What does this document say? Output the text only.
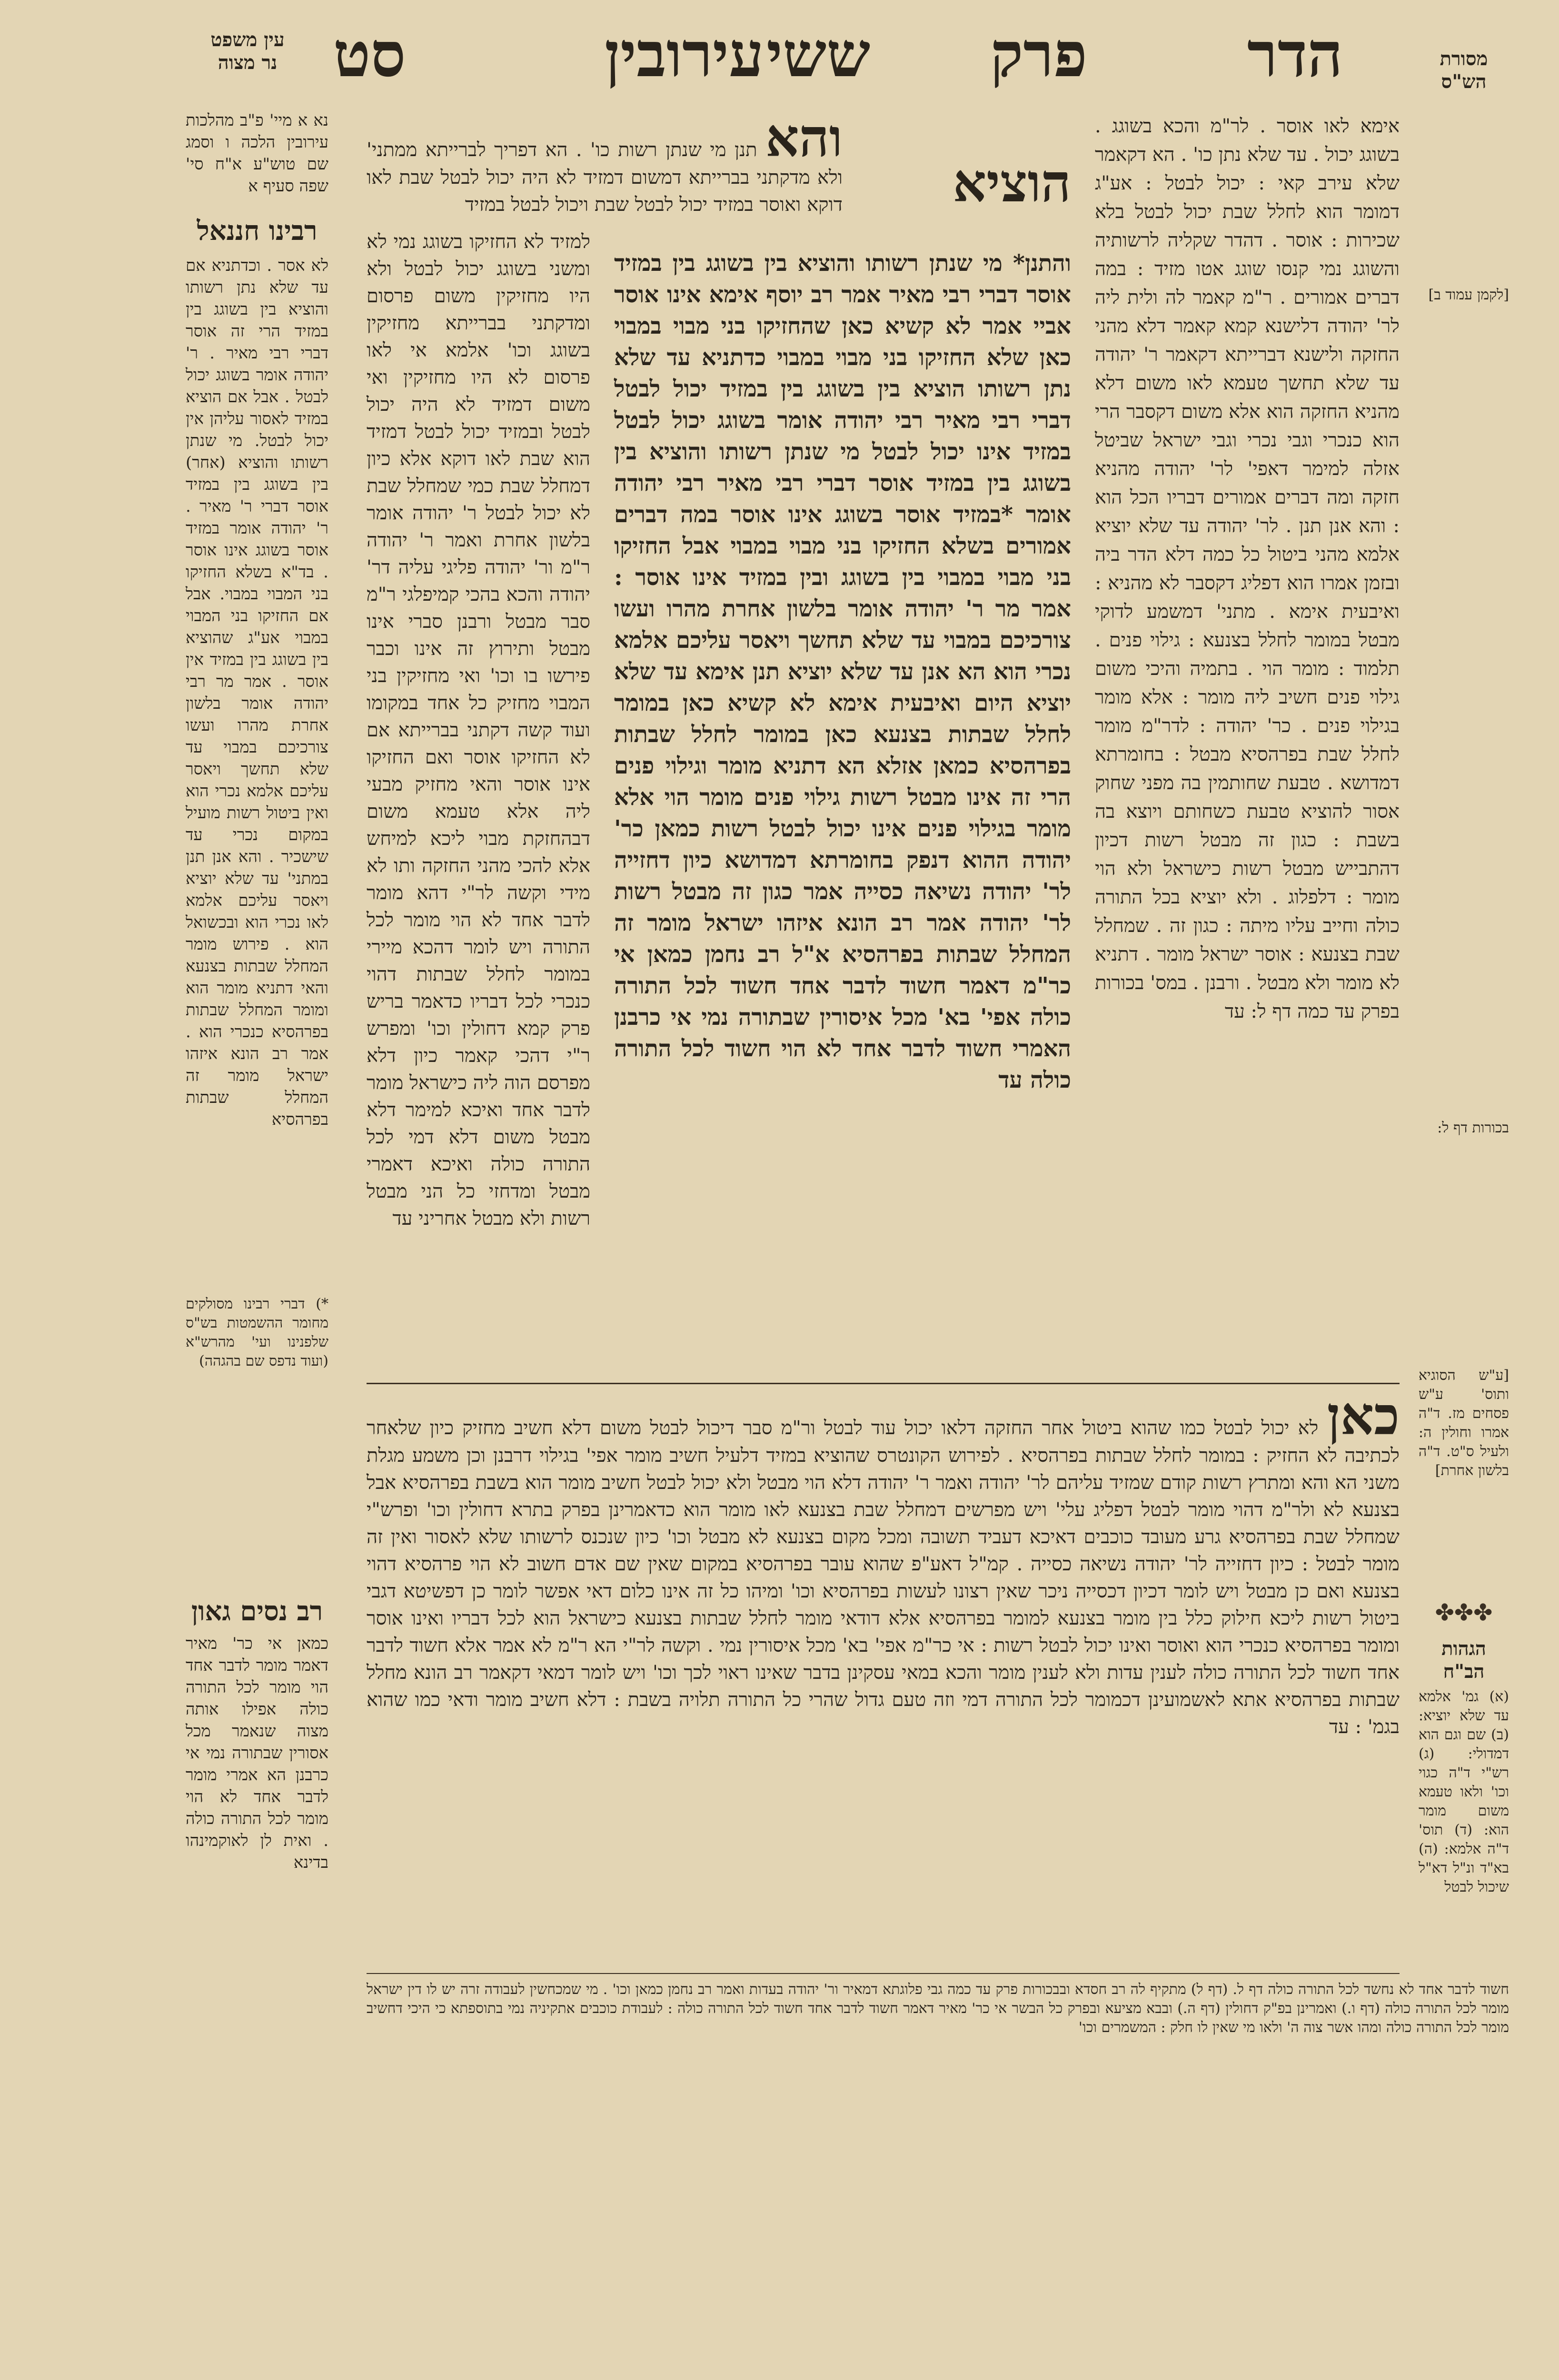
עין משפט
נר מצוה	סט	עירובין ששי פרק	הדר	מסורת
הש"ס
נא א מיי' פ"ב מהלכות עירובין הלכה ו וסמג שם טוש"ע א"ח סי' שפה סעיף א
רבינו חננאל
לא אסר . וכדתניא אם עד שלא נתן רשותו והוציא בין בשוגג בין במזיד הרי זה אוסר דברי רבי מאיר . ר' יהודה אומר בשוגג יכול לבטל . אבל אם הוציא במזיד לאסור עליהן אין יכול לבטל. מי שנתן רשותו והוציא (אחר) בין בשוגג בין במזיד אוסר דברי ר' מאיר . ר' יהודה אומר במזיד אוסר בשוגג אינו אוסר . בד"א בשלא החזיקו בני המבוי במבוי. אבל אם החזיקו בני המבוי במבוי אע"ג שהוציא בין בשוגג בין במזיד אין אוסר . אמר מר רבי יהודה אומר בלשון אחרת מהרו ועשו צורכיכם במבוי עד שלא תחשך ויאסר עליכם אלמא נכרי הוא ואין ביטול רשות מועיל במקום נכרי עד שישכיר . והא אנן תנן במתני' עד שלא יוציא ויאסר עליכם אלמא לאו נכרי הוא ובכשואל הוא . פירוש מומר המחלל שבתות בצנעא והאי דתניא מומר הוא ומומר המחלל שבתות בפרהסיא כנכרי הוא . אמר רב הונא איזהו ישראל מומר זה המחלל שבתות בפרהסיא
*) דברי רבינו מסולקים מחומר ההשמטות בש"ס שלפנינו ועי' מהרש"א (ועוד נדפס שם בהגהה)
רב נסים גאון
כמאן אי כר' מאיר דאמר מומר לדבר אחד הוי מומר לכל התורה כולה אפילו אותה מצוה שנאמר מכל אסורין שבתורה נמי אי כרבנן הא אמרי מומר לדבר אחד לא הוי מומר לכל התורה כולה . ואית לן לאוקמינהו בדינא
[לקמן עמוד ב]
בכורות דף ל:
[ע"ש הסוגיא ותוס' ע"ש פסחים מז. ד"ה אמרו וחולין ה: ולעיל ס"ט. ד"ה בלשון אחרת]
✤✤✤
הגהות
הב"ח
(א) גמ' אלמא עד שלא יוציא: (ב) שם וגם הוא דמדולי: (ג) רש"י ד"ה כגוי וכו' ולאו טעמא משום מומר הוא: (ד) תוס' ד"ה אלמא: (ה) בא"ד ונ"ל דא"ל שיכול לבטל
והא תנן מי שנתן רשות כו' . הא דפריך לברייתא ממתני' ולא מדקתני בברייתא דמשום דמזיד לא היה יכול לבטל שבת לאו דוקא ואוסר במזיד יכול לבטל שבת ויכול לבטל במזיד
אימא לאו אוסר . לר"מ והכא בשוגג . בשוגג יכול . עד שלא נתן כו' . הא דקאמר שלא עירב קאי : יכול לבטל : אע"ג דמומר הוא לחלל שבת יכול לבטל בלא שכירות : אוסר . דהדר שקליה לרשותיה והשוגג נמי קנסו שוגג אטו מזיד : במה דברים אמורים . ר"מ קאמר לה ולית ליה לר' יהודה דלישנא קמא קאמר דלא מהני החזקה ולישנא דברייתא דקאמר ר' יהודה עד שלא תחשך טעמא לאו משום דלא מהניא החזקה הוא אלא משום דקסבר הרי הוא כנכרי וגבי נכרי וגבי ישראל שביטל אזלה למימר דאפי' לר' יהודה מהניא חזקה ומה דברים אמורים דבריו הכל הוא : והא אנן תנן . לר' יהודה עד שלא יוציא אלמא מהני ביטול כל כמה דלא הדר ביה ובזמן אמרו הוא דפליג דקסבר לא מהניא : ואיבעית אימא . מתני' דמשמע לדוקי מבטל במומר לחלל בצנעא : גילוי פנים . תלמוד : מומר הוי . בתמיה והיכי משום גילוי פנים חשיב ליה מומר : אלא מומר בגילוי פנים . כר' יהודה : לדר"מ מומר לחלל שבת בפרהסיא מבטל : בחומרתא דמדושא . טבעת שחותמין בה מפני שחוק אסור להוציא טבעת כשחותם ויוצא בה בשבת : כגון זה מבטל רשות דכיון דהתבייש מבטל רשות כישראל ולא הוי מומר : דלפלוג . ולא יוציא בכל התורה כולה וחייב עליו מיתה : כגון זה . שמחלל שבת בצנעא : אוסר ישראל מומר . דתניא לא מומר ולא מבטל . ורבנן . במס' בכורות בפרק עד כמה דף ל: עד
למזיד לא החזיקו בשוגג נמי לא ומשני בשוגג יכול לבטל ולא היו מחזיקין משום פרסום ומדקתני בברייתא מחזיקין בשוגג וכו' אלמא אי לאו פרסום לא היו מחזיקין ואי משום דמזיד לא היה יכול לבטל ובמזיד יכול לבטל דמזיד הוא שבת לאו דוקא אלא כיון דמחלל שבת כמי שמחלל שבת לא יכול לבטל ר' יהודה אומר בלשון אחרת ואמר ר' יהודה ר"מ ור' יהודה פליגי עליה דר' יהודה והכא בהכי קמיפלגי ר"מ סבר מבטל ורבנן סברי אינו מבטל ותירוץ זה אינו וכבר פירשו בו וכו' ואי מחזיקין בני המבוי מחזיק כל אחד במקומו ועוד קשה דקתני בברייתא אם לא החזיקו אוסר ואם החזיקו אינו אוסר והאי מחזיק מבעי ליה אלא טעמא משום דבהחזקת מבוי ליכא למיחש אלא להכי מהני החזקה ותו לא מידי וקשה לר"י דהא מומר לדבר אחד לא הוי מומר לכל התורה ויש לומר דהכא מיירי במומר לחלל שבתות דהוי כנכרי לכל דבריו כדאמר בריש פרק קמא דחולין וכו' ומפרש ר"י דהכי קאמר כיון דלא מפרסם הוה ליה כישראל מומר לדבר אחד ואיכא למימר דלא מבטל משום דלא דמי לכל התורה כולה ואיכא דאמרי מבטל ומדחזי כל הני מבטל רשות ולא מבטל אחריני עד
הוציא
והתנן* מי שנתן רשותו והוציא בין בשוגג בין במזיד אוסר דברי רבי מאיר אמר רב יוסף אימא אינו אוסר אביי אמר לא קשיא כאן שהחזיקו בני מבוי במבוי כאן שלא החזיקו בני מבוי במבוי כדתניא עד שלא נתן רשותו הוציא בין בשוגג בין במזיד יכול לבטל דברי רבי מאיר רבי יהודה אומר בשוגג יכול לבטל במזיד אינו יכול לבטל מי שנתן רשותו והוציא בין בשוגג בין במזיד אוסר דברי רבי מאיר רבי יהודה אומר *במזיד אוסר בשוגג אינו אוסר במה דברים אמורים בשלא החזיקו בני מבוי במבוי אבל החזיקו בני מבוי במבוי בין בשוגג ובין במזיד אינו אוסר : אמר מר ר' יהודה אומר בלשון אחרת מהרו ועשו צורכיכם במבוי עד שלא תחשך ויאסר עליכם אלמא נכרי הוא הא אנן עד שלא יוציא תנן אימא עד שלא יוציא היום ואיבעית אימא לא קשיא כאן במומר לחלל שבתות בצנעא כאן במומר לחלל שבתות בפרהסיא כמאן אזלא הא דתניא מומר וגילוי פנים הרי זה אינו מבטל רשות גילוי פנים מומר הוי אלא מומר בגילוי פנים אינו יכול לבטל רשות כמאן כר' יהודה ההוא דנפק בחומרתא דמדושא כיון דחזייה לר' יהודה נשיאה כסייה אמר כגון זה מבטל רשות לר' יהודה אמר רב הונא איזהו ישראל מומר זה המחלל שבתות בפרהסיא א"ל רב נחמן כמאן אי כר"מ דאמר חשוד לדבר אחד חשוד לכל התורה כולה אפי' בא' מכל איסורין שבתורה נמי אי כרבנן האמרי חשוד לדבר אחד לא הוי חשוד לכל התורה כולה עד
כאן לא יכול לבטל כמו שהוא ביטול אחר החזקה דלאו יכול עוד לבטל ור"מ סבר דיכול לבטל משום דלא חשיב מחזיק כיון שלאחר לכתיבה לא החזיק : במומר לחלל שבתות בפרהסיא . לפירוש הקונטרס שהוציא במזיד דלעיל חשיב מומר אפי' בגילוי דרבנן וכן משמע מגלת משני הא והא ומתרץ רשות קודם שמזיד עליהם לר' יהודה ואמר ר' יהודה דלא הוי מבטל ולא יכול לבטל חשיב מומר הוא בשבת בפרהסיא אבל בצנעא לא ולר"מ דהוי מומר לבטל דפליג עלי' ויש מפרשים דמחלל שבת בצנעא לאו מומר הוא כדאמרינן בפרק בתרא דחולין וכו' ופרש"י שמחלל שבת בפרהסיא גרע מעובד כוכבים דאיכא דעביד תשובה ומכל מקום בצנעא לא מבטל וכו' כיון שנכנס לרשותו שלא לאסור ואין זה מומר לבטל : כיון דחזייה לר' יהודה נשיאה כסייה . קמ"ל דאע"פ שהוא עובר בפרהסיא במקום שאין שם אדם חשוב לא הוי פרהסיא דהוי בצנעא ואם כן מבטל ויש לומר דכיון דכסייה ניכר שאין רצונו לעשות בפרהסיא וכו' ומיהו כל זה אינו כלום דאי אפשר לומר כן דפשיטא דגבי ביטול רשות ליכא חילוק כלל בין מומר בצנעא למומר בפרהסיא אלא דודאי מומר לחלל שבתות בצנעא כישראל הוא לכל דבריו ואינו אוסר ומומר בפרהסיא כנכרי הוא ואוסר ואינו יכול לבטל רשות : אי כר"מ אפי' בא' מכל איסורין נמי . וקשה לר"י הא ר"מ לא אמר אלא חשוד לדבר אחד חשוד לכל התורה כולה לענין עדות ולא לענין מומר והכא במאי עסקינן בדבר שאינו ראוי לכך וכו' ויש לומר דמאי דקאמר רב הונא מחלל שבתות בפרהסיא אתא לאשמועינן דכמומר לכל התורה דמי וזה טעם גדול שהרי כל התורה תלויה בשבת : דלא חשיב מומר ודאי כמו שהוא בגמ' : עד
חשוד לדבר אחד לא נחשד לכל התורה כולה דף ל. (דף ל) מתקיף לה רב חסדא ובבכורות פרק עד כמה גבי פלוגתא דמאיר ור' יהודה בעדות ואמר רב נחמן כמאן וכו' . מי שמכחשין לעבודה זרה יש לו דין ישראל מומר לכל התורה כולה (דף ו.) ואמרינן בפ"ק דחולין (דף ה.) ובבא מציעא ובפרק כל הבשר אי כר' מאיר דאמר חשוד לדבר אחד חשוד לכל התורה כולה : לעבודת כוכבים אתקיניה נמי בתוספתא כי היכי דחשיב מומר לכל התורה כולה ומהו אשר צוה ה' ולאו מי שאין לו חלק : המשמרים וכו'
